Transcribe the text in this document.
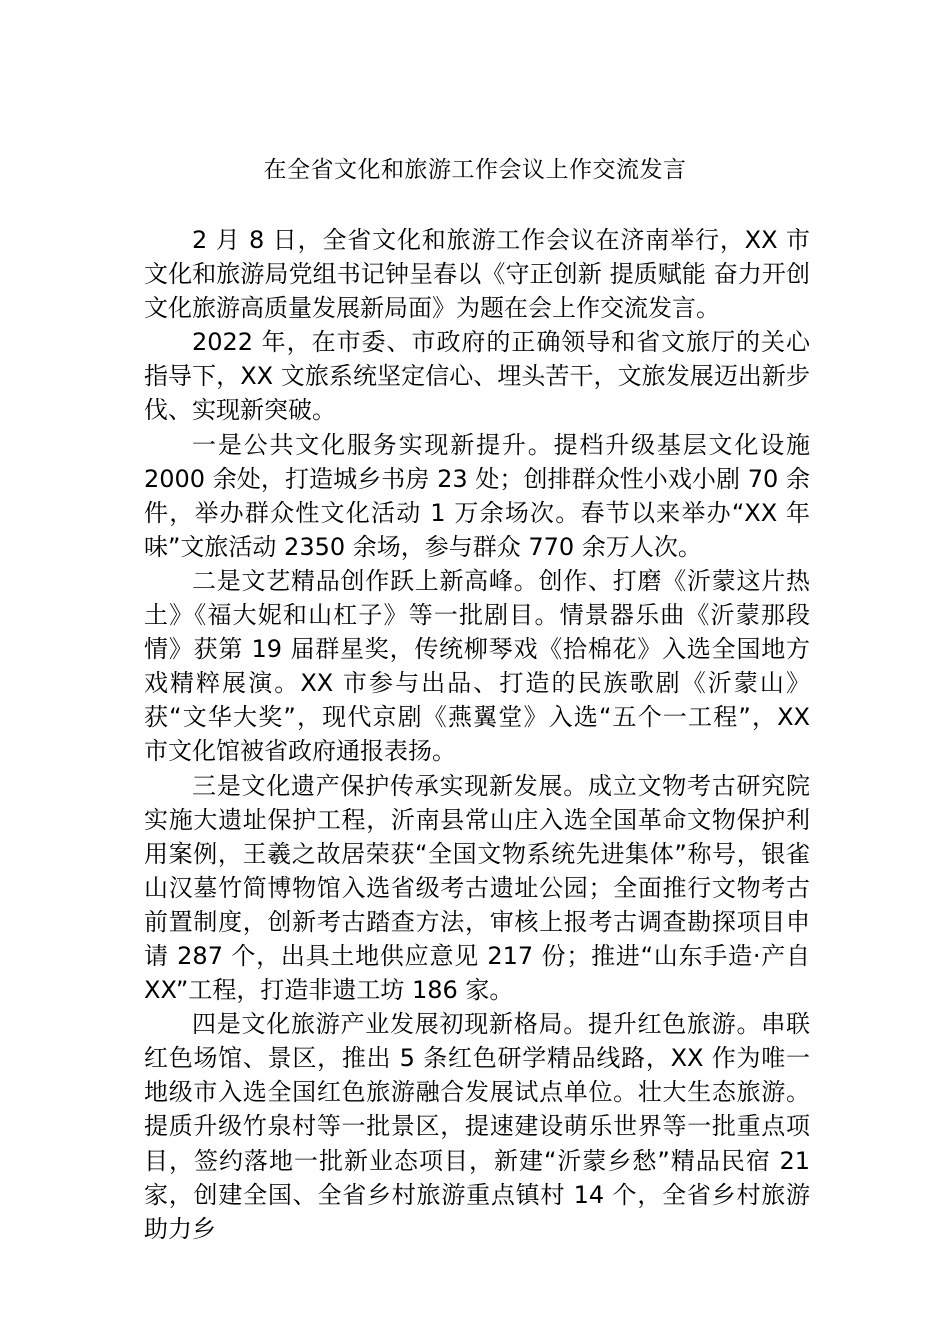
在全省文化和旅游工作会议上作交流发言

2 月 8 日，全省文化和旅游工作会议在济南举行，XX 市文化和旅游局党组书记钟呈春以《守正创新 提质赋能 奋力开创文化旅游高质量发展新局面》为题在会上作交流发言。

2022 年，在市委、市政府的正确领导和省文旅厅的关心指导下，XX 文旅系统坚定信心、埋头苦干，文旅发展迈出新步伐、实现新突破。

一是公共文化服务实现新提升。提档升级基层文化设施 2000 余处，打造城乡书房 23 处；创排群众性小戏小剧 70 余件，举办群众性文化活动 1 万余场次。春节以来举办“XX 年味”文旅活动 2350 余场，参与群众 770 余万人次。

二是文艺精品创作跃上新高峰。创作、打磨《沂蒙这片热土》《福大妮和山杠子》等一批剧目。情景器乐曲《沂蒙那段情》获第 19 届群星奖，传统柳琴戏《拾棉花》入选全国地方戏精粹展演。XX 市参与出品、打造的民族歌剧《沂蒙山》获“文华大奖”，现代京剧《燕翼堂》入选“五个一工程”，XX 市文化馆被省政府通报表扬。

三是文化遗产保护传承实现新发展。成立文物考古研究院实施大遗址保护工程，沂南县常山庄入选全国革命文物保护利用案例，王羲之故居荣获“全国文物系统先进集体”称号，银雀山汉墓竹简博物馆入选省级考古遗址公园；全面推行文物考古前置制度，创新考古踏查方法，审核上报考古调查勘探项目申请 287 个，出具土地供应意见 217 份；推进“山东手造·产自 XX”工程，打造非遗工坊 186 家。

四是文化旅游产业发展初现新格局。提升红色旅游。串联红色场馆、景区，推出 5 条红色研学精品线路，XX 作为唯一地级市入选全国红色旅游融合发展试点单位。壮大生态旅游。提质升级竹泉村等一批景区，提速建设萌乐世界等一批重点项目，签约落地一批新业态项目，新建“沂蒙乡愁”精品民宿 21 家，创建全国、全省乡村旅游重点镇村 14 个，全省乡村旅游助力乡
